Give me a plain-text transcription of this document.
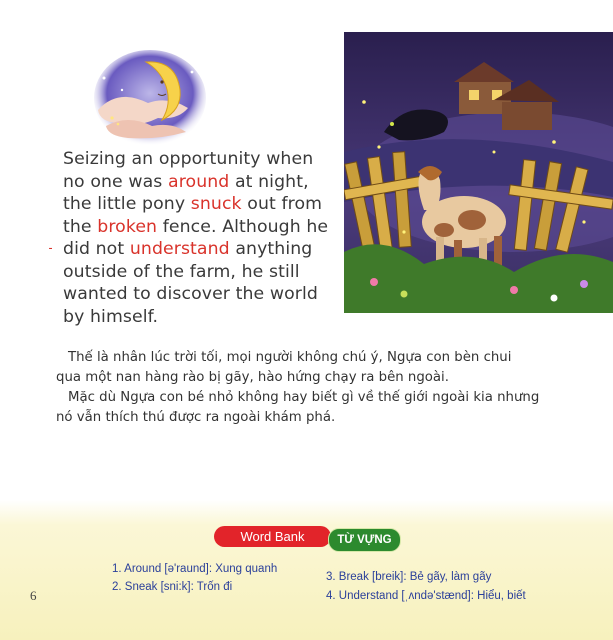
Seizing an opportunity when
no one was around at night,
the little pony snuck out from
the broken fence. Although he
did not understand anything
outside of the farm, he still
wanted to discover the world
by himself.
⁃

Thế là nhân lúc trời tối, mọi người không chú ý, Ngựa con bèn chui

qua một nan hàng rào bị gãy, hào hứng chạy ra bên ngoài.

Mặc dù Ngựa con bé nhỏ không hay biết gì về thế giới ngoài kia nhưng

nó vẫn thích thú được ra ngoài khám phá.

Word Bank	TỪ VỰNG
1. Around [ə'raund]: Xung quanh
2. Sneak [sni:k]: Trốn đi
3. Break [breik]: Bẻ gãy, làm gãy
4. Understand [ˌʌndə'stænd]: Hiểu, biết
6
